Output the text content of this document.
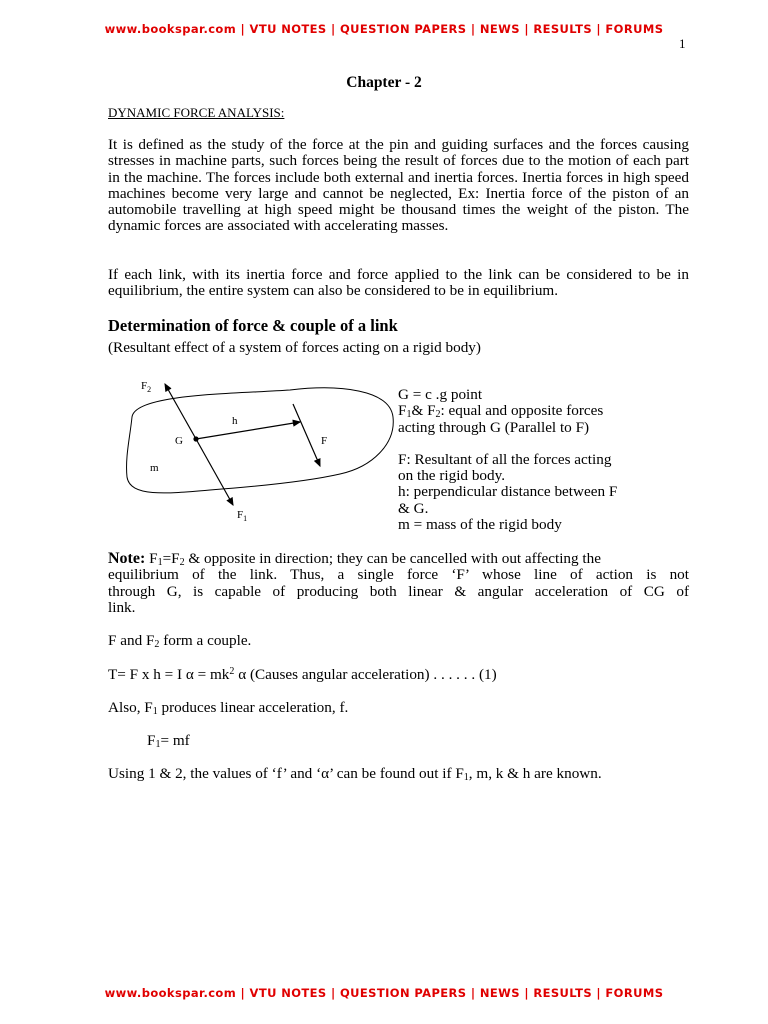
www.bookspar.com | VTU NOTES | QUESTION PAPERS | NEWS | RESULTS | FORUMS
1
Chapter - 2
DYNAMIC FORCE ANALYSIS:
It is defined as the study of the force at the pin and guiding surfaces and the forces causing stresses in machine parts, such forces being the result of forces due to the motion of each part in the machine. The forces include both external and inertia forces. Inertia forces in high speed machines become very large and cannot be neglected, Ex: Inertia force of the piston of an automobile travelling at high speed might be thousand times the weight of the piston. The dynamic forces are associated with accelerating masses.
If each link, with its inertia force and force applied to the link can be considered to be in equilibrium, the entire system can also be considered to be in equilibrium.
Determination of force & couple of a link
(Resultant effect of a system of forces acting on a rigid body)
$F_2$
h
G	F
m
$F_1$
G = c .g point
$F_1\&$ $F_2$: equal and opposite forces
acting through G (Parallel to F)
F: Resultant of all the forces acting
on the rigid body.
h: perpendicular distance between F
& G.
m = mass of the rigid body
Note: $F_1=F_2$ & opposite in direction; they can be cancelled with out affecting the
equilibrium of the link. Thus, a single force ‘F’ whose line of action is not
through G, is capable of producing both linear & angular acceleration of CG of
link.
F and $F_2$ form a couple.
T= F x h = I $\alpha = mk^2$ α (Causes angular acceleration) . . . . . . (1)
Also, $F_1$ produces linear acceleration, f.
$F_1=$ mf
Using 1 & 2, the values of ‘f’ and ‘α’ can be found out if $F_1$, m, k & h are known.
www.bookspar.com | VTU NOTES | QUESTION PAPERS | NEWS | RESULTS | FORUMS
